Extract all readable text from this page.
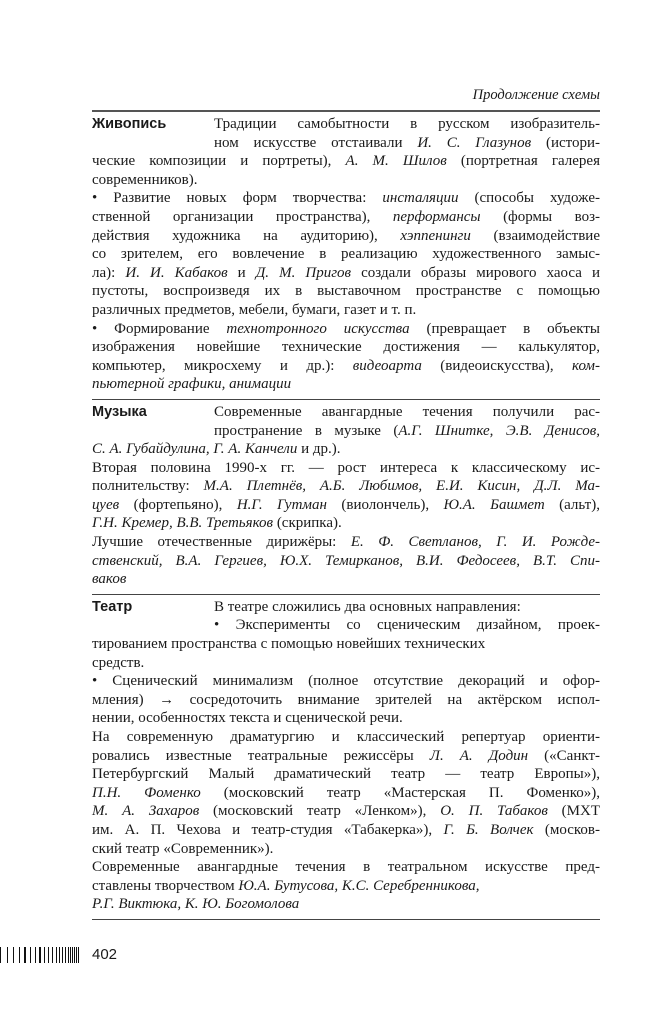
Продолжение схемы
Живопись	Традиции самобытности в русском изобразитель-
ном искусстве отстаивали И. С. Глазунов (истори-
ческие композиции и портреты), А. М. Шилов (портретная галерея
современников).
• Развитие новых форм творчества: инсталяции (способы художе-
ственной организации пространства), перформансы (формы воз-
действия художника на аудиторию), хэппенинги (взаимодействие
со зрителем, его вовлечение в реализацию художественного замыс-
ла): И. И. Кабаков и Д. М. Пригов создали образы мирового хаоса и
пустоты, воспроизведя их в выставочном пространстве с помощью
различных предметов, мебели, бумаги, газет и т. п.
• Формирование технотронного искусства (превращает в объекты
изображения новейшие технические достижения — калькулятор,
компьютер, микросхему и др.): видеоарта (видеоискусства), ком-
пьютерной графики, анимации
Музыка	Современные авангардные течения получили рас-
пространение в музыке (А.Г. Шнитке, Э.В. Денисов,
С. А. Губайдулина, Г. А. Канчели и др.).
Вторая половина 1990-х гг. — рост интереса к классическому ис-
полнительству: М.А. Плетнёв, А.Б. Любимов, Е.И. Кисин, Д.Л. Ма-
цуев (фортепьяно), Н.Г. Гутман (виолончель), Ю.А. Башмет (альт),
Г.Н. Кремер, В.В. Третьяков (скрипка).
Лучшие отечественные дирижёры: Е. Ф. Светланов, Г. И. Рожде-
ственский, В.А. Гергиев, Ю.Х. Темирканов, В.И. Федосеев, В.Т. Спи-
ваков
Театр	В театре сложились два основных направления:
• Эксперименты со сценическим дизайном, проек-
тированием пространства с помощью новейших технических
средств.
• Сценический минимализм (полное отсутствие декораций и офор-
мления) → сосредоточить внимание зрителей на актёрском испол-
нении, особенностях текста и сценической речи.
На современную драматургию и классический репертуар ориенти-
ровались известные театральные режиссёры Л. А. Додин («Санкт-
Петербургский Малый драматический театр — театр Европы»),
П.Н. Фоменко (московский театр «Мастерская П. Фоменко»),
М. А. Захаров (московский театр «Ленком»), О. П. Табаков (МХТ
им. А. П. Чехова и театр-студия «Табакерка»), Г. Б. Волчек (москов-
ский театр «Современник»).
Современные авангардные течения в театральном искусстве пред-
ставлены творчеством Ю.А. Бутусова, К.С. Серебренникова,
Р.Г. Виктюка, К. Ю. Богомолова
402
